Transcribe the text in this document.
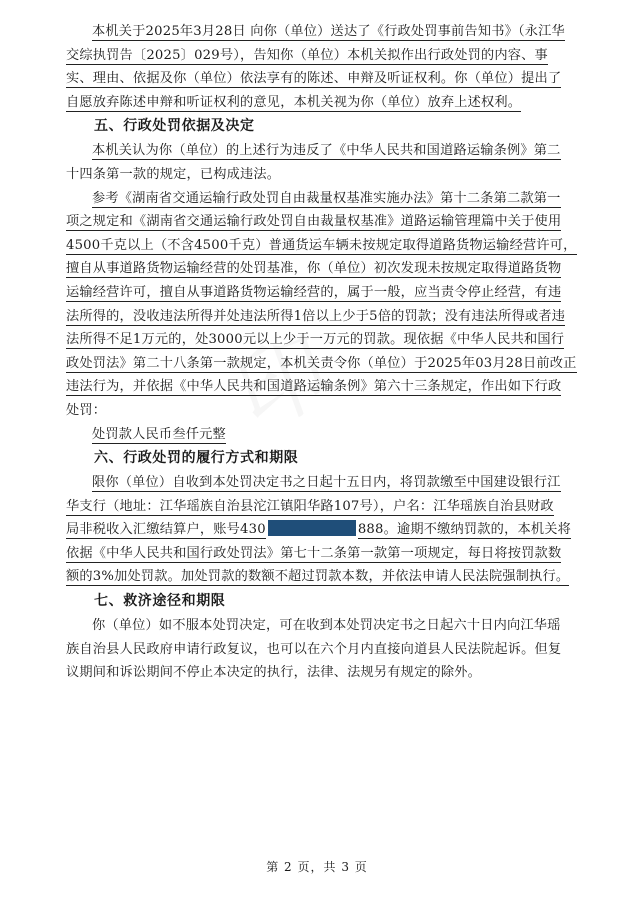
本机关于2025年3月28日 向你（单位）送达了《行政处罚事前告知书》（永江华
交综执罚告〔2025〕029号），告知你（单位）本机关拟作出行政处罚的内容、事
实、理由、依据及你（单位）依法享有的陈述、申辩及听证权利。你（单位）提出了
自愿放弃陈述申辩和听证权利的意见，本机关视为你（单位）放弃上述权利。
五、行政处罚依据及决定
本机关认为你（单位）的上述行为违反了《中华人民共和国道路运输条例》第二
十四条第一款的规定，已构成违法。
参考《湖南省交通运输行政处罚自由裁量权基准实施办法》第十二条第二款第一
项之规定和《湖南省交通运输行政处罚自由裁量权基准》道路运输管理篇中关于使用
4500千克以上（不含4500千克）普通货运车辆未按规定取得道路货物运输经营许可，
擅自从事道路货物运输经营的处罚基准，你（单位）初次发现未按规定取得道路货物
运输经营许可，擅自从事道路货物运输经营的，属于一般，应当责令停止经营，有违
法所得的，没收违法所得并处违法所得1倍以上少于5倍的罚款；没有违法所得或者违
法所得不足1万元的，处3000元以上少于一万元的罚款。现依据《中华人民共和国行
政处罚法》第二十八条第一款规定，本机关责令你（单位）于2025年03月28日前改正
违法行为，并依据《中华人民共和国道路运输条例》第六十三条规定，作出如下行政
处罚：
处罚款人民币叁仟元整
六、行政处罚的履行方式和期限
限你（单位）自收到本处罚决定书之日起十五日内，将罚款缴至中国建设银行江
华支行（地址：江华瑶族自治县沱江镇阳华路107号），户名：江华瑶族自治县财政
局非税收入汇缴结算户，账号430	888。逾期不缴纳罚款的，本机关将
依据《中华人民共和国行政处罚法》第七十二条第一款第一项规定，每日将按罚款数
额的3%加处罚款。加处罚款的数额不超过罚款本数，并依法申请人民法院强制执行。
七、救济途径和期限
你（单位）如不服本处罚决定，可在收到本处罚决定书之日起六十日内向江华瑶
族自治县人民政府申请行政复议，也可以在六个月内直接向道县人民法院起诉。但复
议期间和诉讼期间不停止本决定的执行，法律、法规另有规定的除外。
第 2 页，共 3 页
